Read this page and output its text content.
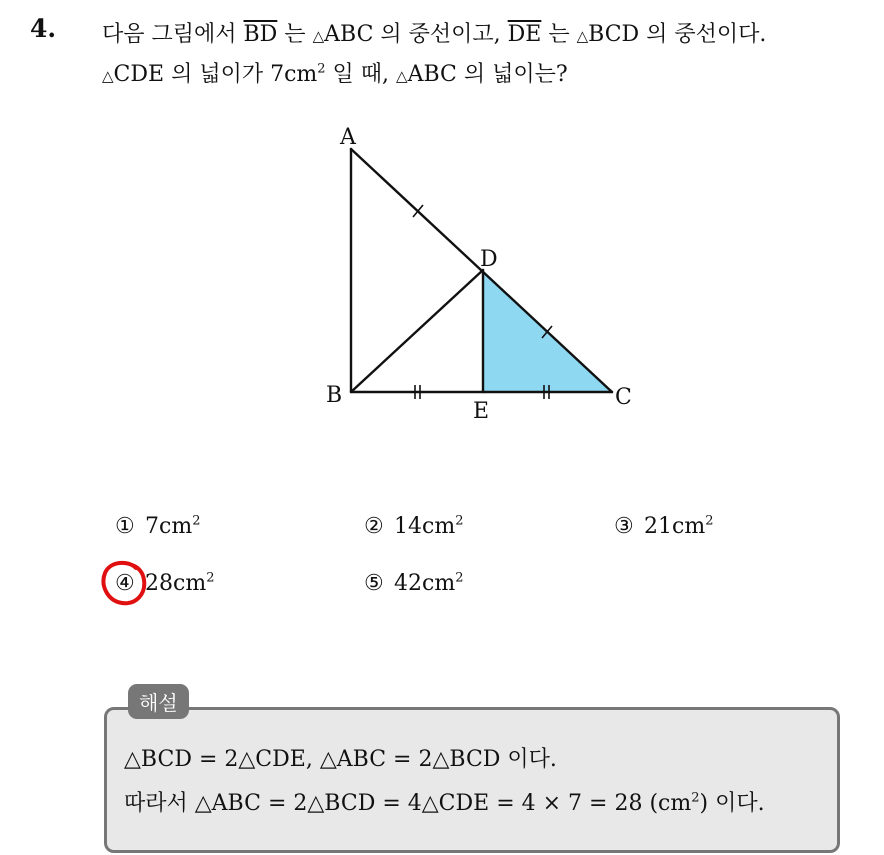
4. 다음 그림에서 $\overline{BD}$ 는 △ABC 의 중선이고, $\overline{DE}$ 는 △BCD 의 중선이다.
△CDE 의 넓이가 $7cm^2$ 일 때, △ABC 의 넓이는?
A
B	C
D
E
① $7cm^2$	② $14cm^2$	③ $21cm^2$
④ $28cm^2$	⑤ $42cm^2$
해설
△BCD = 2△CDE, △ABC = 2△BCD 이다.
따라서 △ABC = 2△BCD = 4△CDE = 4 × 7 = 28 $(cm^2)$ 이다.
